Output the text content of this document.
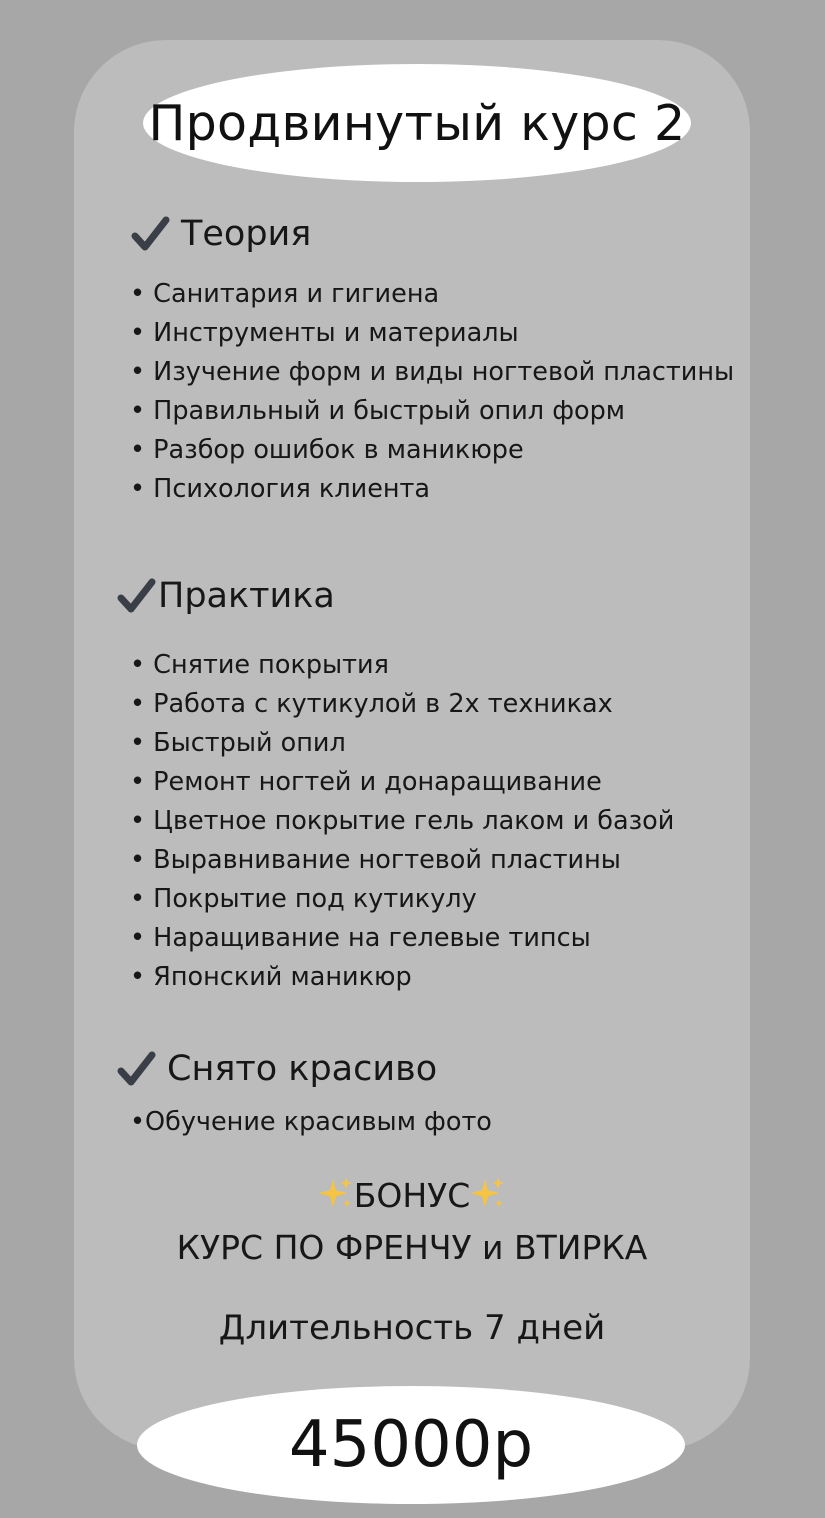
Продвинутый курс 2
Теория
• Санитария и гигиена
• Инструменты и материалы
• Изучение форм и виды ногтевой пластины
• Правильный и быстрый опил форм
• Разбор ошибок в маникюре
• Психология клиента
Практика
• Снятие покрытия
• Работа с кутикулой в 2х техниках
• Быстрый опил
• Ремонт ногтей и донаращивание
• Цветное покрытие гель лаком и базой
• Выравнивание ногтевой пластины
• Покрытие под кутикулу
• Наращивание на гелевые типсы
• Японский маникюр
Снято красиво
•Обучение красивым фото
БОНУС
КУРС ПО ФРЕНЧУ и ВТИРКА
Длительность 7 дней
45000р
